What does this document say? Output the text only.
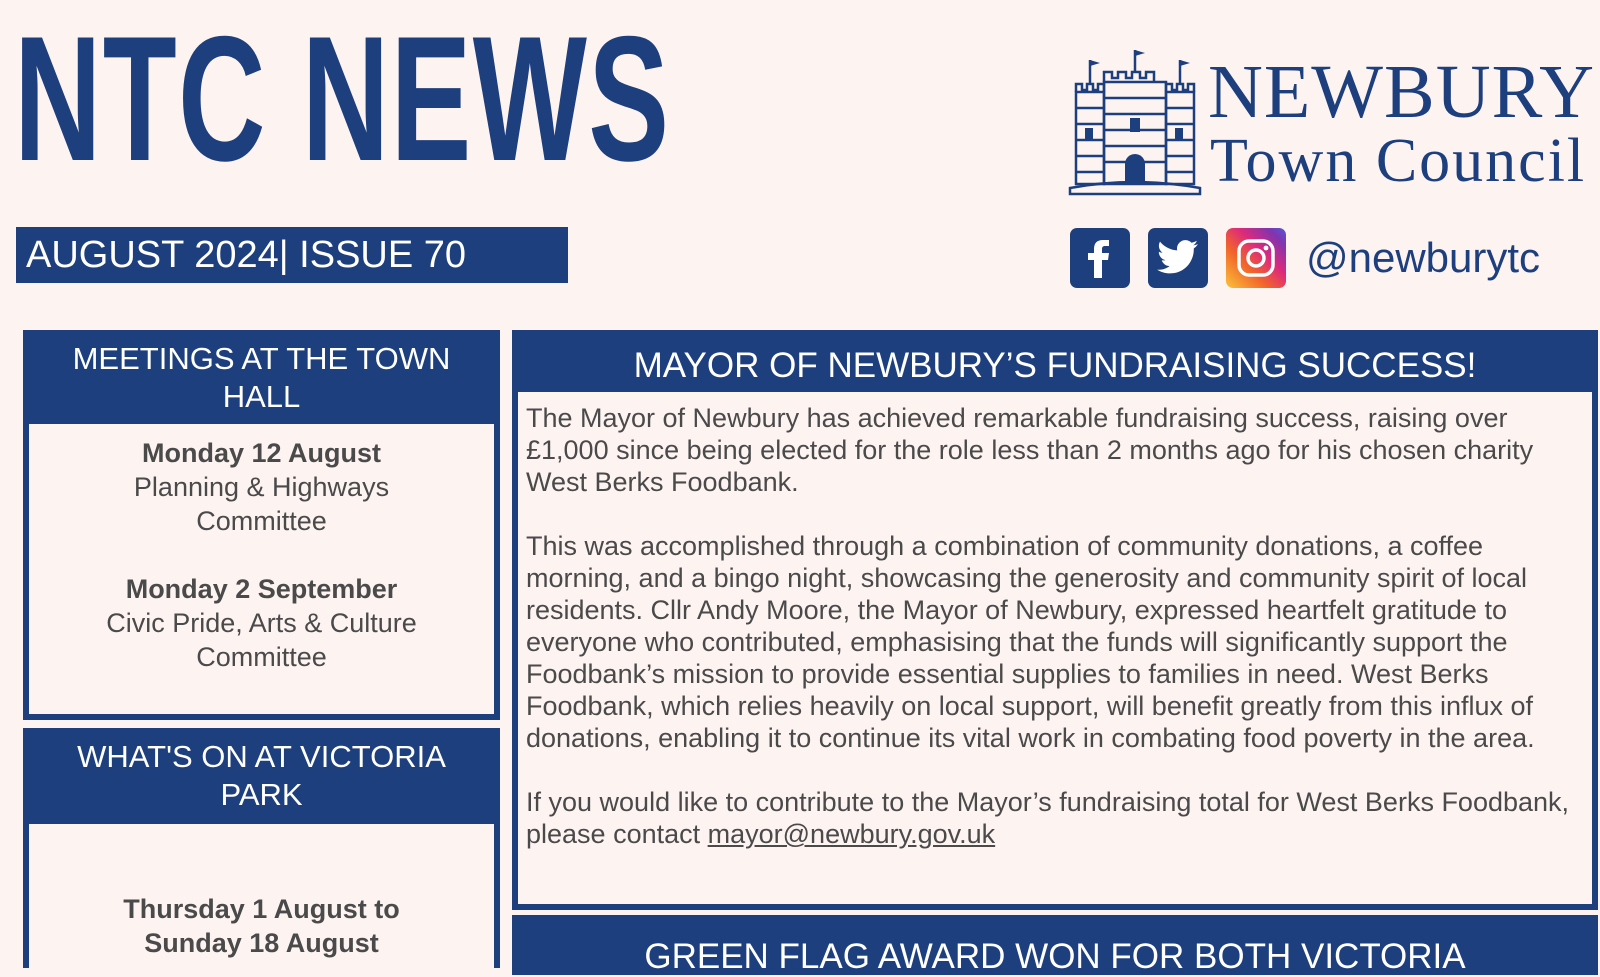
NTC NEWS
AUGUST 2024| ISSUE 70
NEWBURY
Town Council
@newburytc
MEETINGS AT THE TOWN HALL
Monday 12 August
Planning & Highways Committee
Monday 2 September
Civic Pride, Arts & Culture Committee
WHAT'S ON AT VICTORIA PARK
Thursday 1 August to Sunday 18 August
MAYOR OF NEWBURY’S FUNDRAISING SUCCESS!

The Mayor of Newbury has achieved remarkable fundraising success, raising over £1,000 since being elected for the role less than 2 months ago for his chosen charity West Berks Foodbank.

This was accomplished through a combination of community donations, a coffee morning, and a bingo night, showcasing the generosity and community spirit of local residents. Cllr Andy Moore, the Mayor of Newbury, expressed heartfelt gratitude to everyone who contributed, emphasising that the funds will significantly support the Foodbank’s mission to provide essential supplies to families in need. West Berks Foodbank, which relies heavily on local support, will benefit greatly from this influx of donations, enabling it to continue its vital work in combating food poverty in the area.

If you would like to contribute to the Mayor’s fundraising total for West Berks Foodbank, please contact mayor@newbury.gov.uk

GREEN FLAG AWARD WON FOR BOTH VICTORIA
